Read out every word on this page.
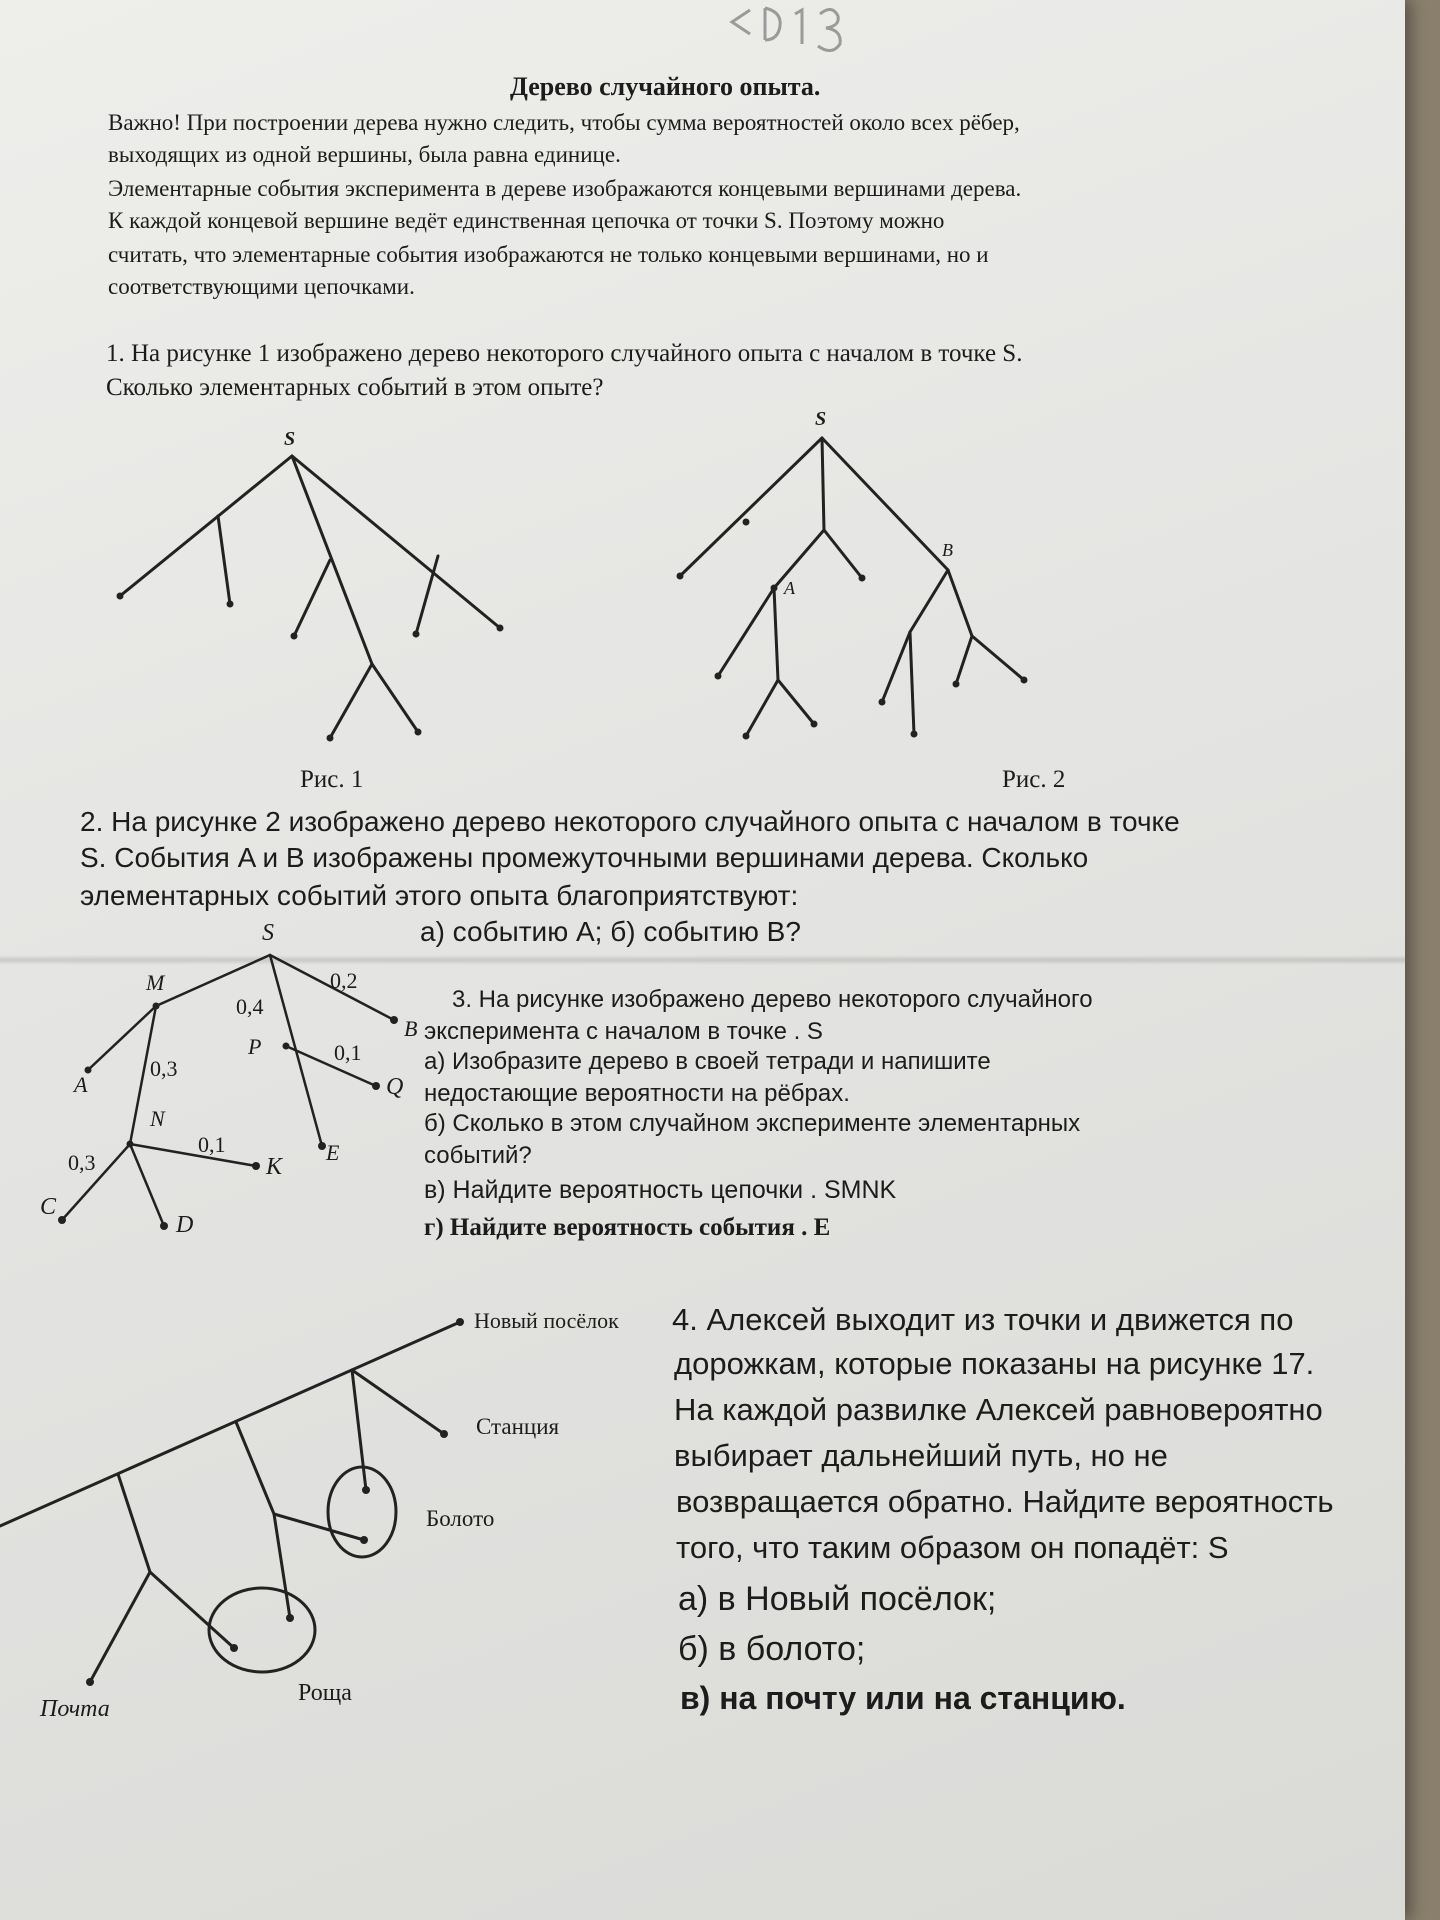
Дерево случайного опыта.
Важно! При построении дерева нужно следить, чтобы сумма вероятностей около всех рёбер,
выходящих из одной вершины, была равна единице.
Элементарные события эксперимента в дереве изображаются концевыми вершинами дерева.
К каждой концевой вершине ведёт единственная цепочка от точки S. Поэтому можно
считать, что элементарные события изображаются не только концевыми вершинами, но и
соответствующими цепочками.
1. На рисунке 1 изображено дерево некоторого случайного опыта с началом в точке S.
Сколько элементарных событий в этом опыте?
S
Рис. 1
S
A
B
Рис. 2
2. На рисунке 2 изображено дерево некоторого случайного опыта с началом в точке
S. События A и B изображены промежуточными вершинами дерева. Сколько
элементарных событий этого опыта благоприятствуют:
а) событию A; б) событию B?
S
M
B
P
Q
A
N
K
E
C
D
0,4
0,2
0,1
0,3
0,1
0,3
3. На рисунке изображено дерево некоторого случайного
эксперимента с началом в точке . S
а) Изобразите дерево в своей тетради и напишите
недостающие вероятности на рёбрах.
б) Сколько в этом случайном эксперименте элементарных
событий?
в) Найдите вероятность цепочки . SMNK
г) Найдите вероятность события . E
Новый посёлок
Станция
Болото
Роща
Почта
4. Алексей выходит из точки и движется по
дорожкам, которые показаны на рисунке 17.
На каждой развилке Алексей равновероятно
выбирает дальнейший путь, но не
возвращается обратно. Найдите вероятность
того, что таким образом он попадёт: S
а) в Новый посёлок;
б) в болото;
в) на почту или на станцию.
